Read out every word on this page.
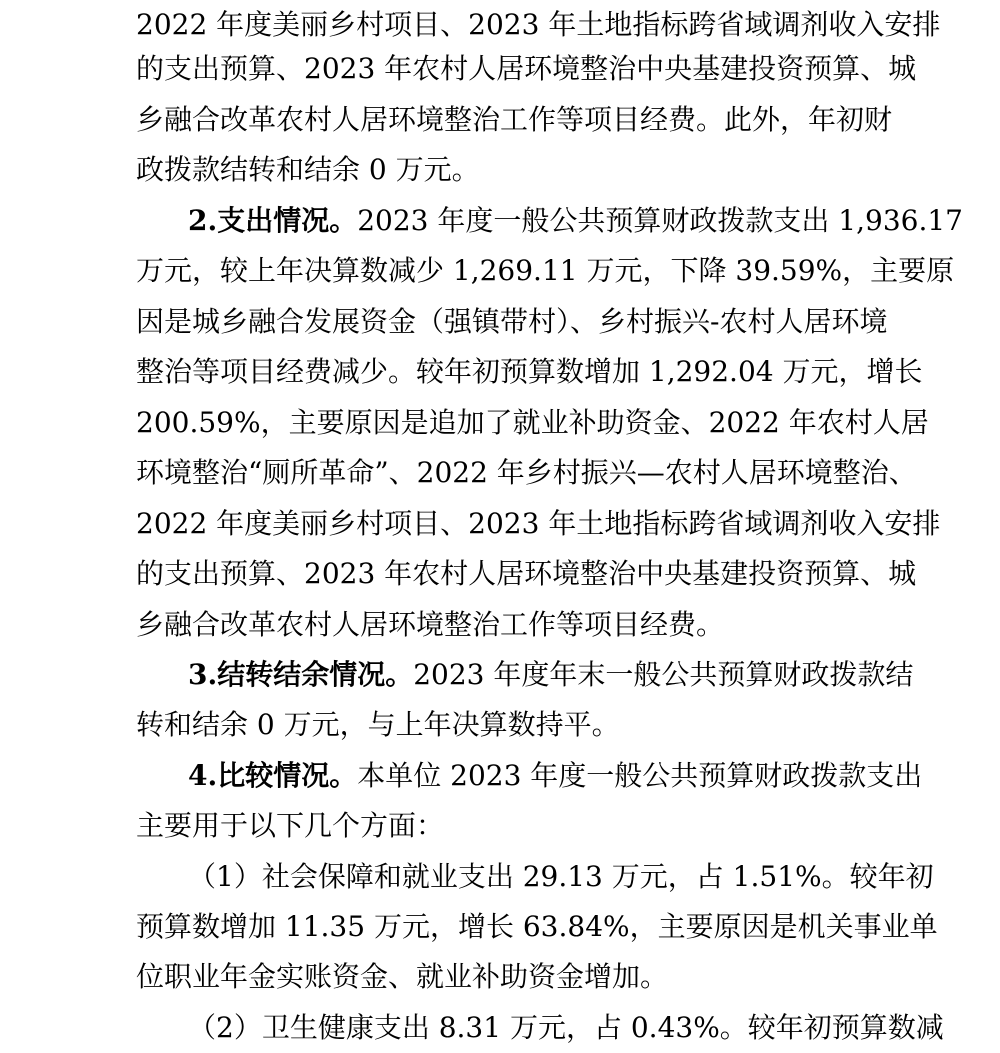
2022 年度美丽乡村项目、2023 年土地指标跨省域调剂收入安排
的支出预算、2023 年农村人居环境整治中央基建投资预算、城
乡融合改革农村人居环境整治工作等项目经费。此外，年初财
政拨款结转和结余 0 万元。
2.支出情况。2023 年度一般公共预算财政拨款支出 1,936.17
万元，较上年决算数减少 1,269.11 万元，下降 39.59%，主要原
因是城乡融合发展资金（强镇带村）、乡村振兴-农村人居环境
整治等项目经费减少。较年初预算数增加 1,292.04 万元，增长
200.59%，主要原因是追加了就业补助资金、2022 年农村人居
环境整治“厕所革命”、2022 年乡村振兴—农村人居环境整治、
2022 年度美丽乡村项目、2023 年土地指标跨省域调剂收入安排
的支出预算、2023 年农村人居环境整治中央基建投资预算、城
乡融合改革农村人居环境整治工作等项目经费。
3.结转结余情况。2023 年度年末一般公共预算财政拨款结
转和结余 0 万元，与上年决算数持平。
4.比较情况。本单位 2023 年度一般公共预算财政拨款支出
主要用于以下几个方面：
（1）社会保障和就业支出 29.13 万元，占 1.51%。较年初
预算数增加 11.35 万元，增长 63.84%，主要原因是机关事业单
位职业年金实账资金、就业补助资金增加。
（2）卫生健康支出 8.31 万元，占 0.43%。较年初预算数减
